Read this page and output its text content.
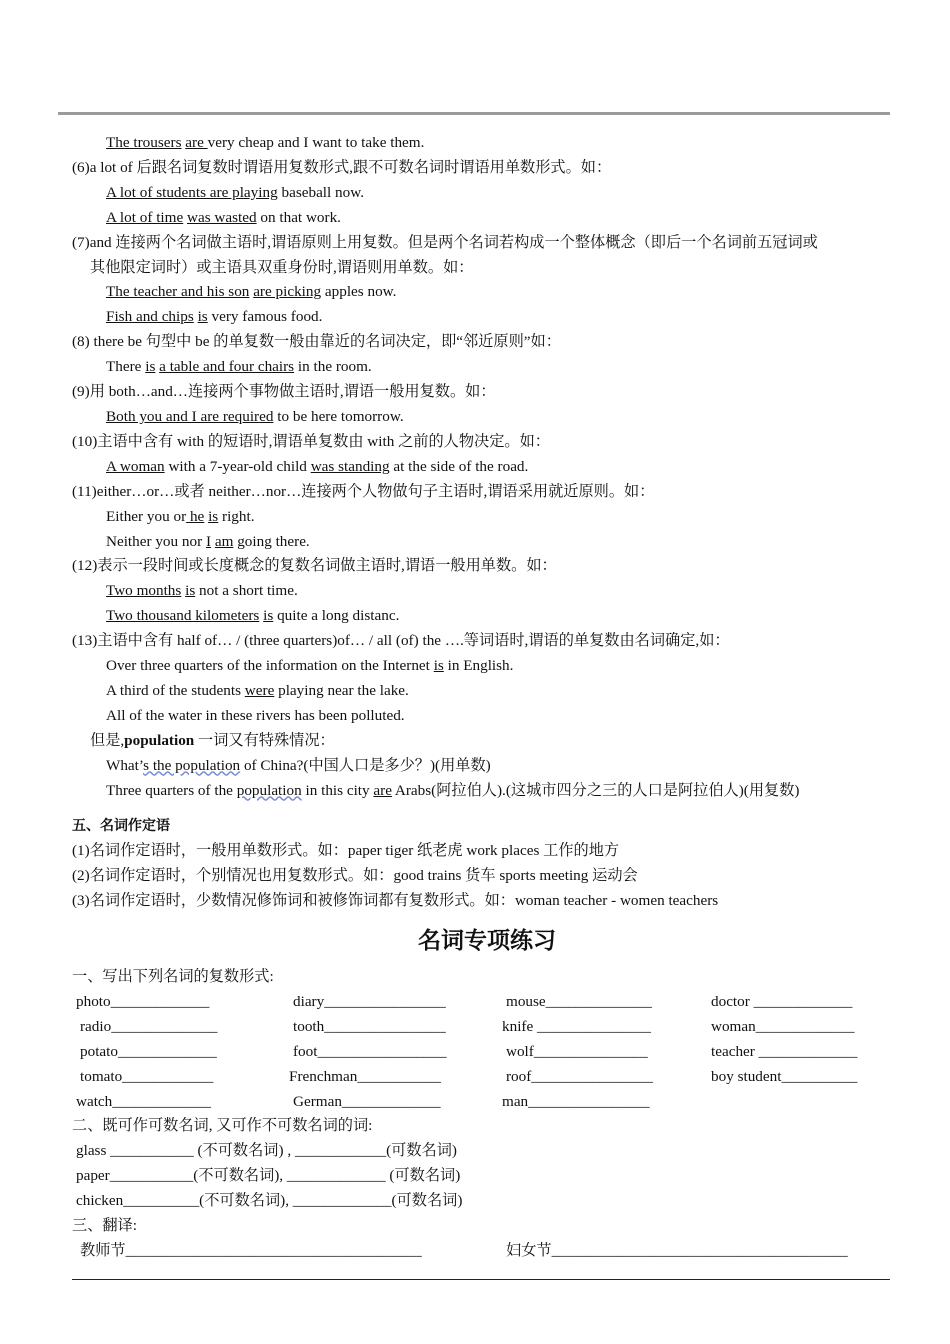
The trousers are very cheap and I want to take them.
(6)a lot of 后跟名词复数时谓语用复数形式,跟不可数名词时谓语用单数形式。如：
A lot of students are playing baseball now.
A lot of time was wasted on that work.
(7)and 连接两个名词做主语时,谓语原则上用复数。但是两个名词若构成一个整体概念（即后一个名词前五冠词或
其他限定词时）或主语具双重身份时,谓语则用单数。如：
The teacher and his son are picking apples now.
Fish and chips is very famous food.
(8) there be 句型中 be 的单复数一般由靠近的名词决定，即“邻近原则”如：
There is a table and four chairs in the room.
(9)用 both…and…连接两个事物做主语时,谓语一般用复数。如：
Both you and I are required to be here tomorrow.
(10)主语中含有 with 的短语时,谓语单复数由 with 之前的人物决定。如：
A woman with a 7-year-old child was standing at the side of the road.
(11)either…or…或者 neither…nor…连接两个人物做句子主语时,谓语采用就近原则。如：
Either you or he is right.
Neither you nor I am going there.
(12)表示一段时间或长度概念的复数名词做主语时,谓语一般用单数。如：
Two months is not a short time.
Two thousand kilometers is quite a long distanc.
(13)主语中含有 half of… / (three quarters)of… / all (of) the ….等词语时,谓语的单复数由名词确定,如：
Over three quarters of the information on the Internet is in English.
A third of the students were playing near the lake.
All of the water in these rivers has been polluted.
但是,population 一词又有特殊情况：
What’s the population of China?(中国人口是多少？)(用单数)
Three quarters of the population in this city are Arabs(阿拉伯人).(这城市四分之三的人口是阿拉伯人)(用复数)
五、名词作定语
(1)名词作定语时，一般用单数形式。如：paper tiger 纸老虎 work places 工作的地方
(2)名词作定语时，个别情况也用复数形式。如：good trains 货车 sports meeting 运动会
(3)名词作定语时，少数情况修饰词和被修饰词都有复数形式。如：woman teacher - women teachers
名词专项练习
一、写出下列名词的复数形式:
photo_____________	diary________________	mouse______________	doctor _____________
radio______________	tooth________________	knife _______________	woman_____________
potato_____________	foot_________________	wolf_______________	teacher _____________
tomato____________	Frenchman___________	roof________________	boy student__________
watch_____________	German_____________	man________________
二、既可作可数名词, 又可作不可数名词的词:
glass ___________ (不可数名词) , ____________(可数名词)
paper___________(不可数名词), _____________ (可数名词)
chicken__________(不可数名词), _____________(可数名词)
三、翻译:
教师节_______________________________________	妇女节_______________________________________
